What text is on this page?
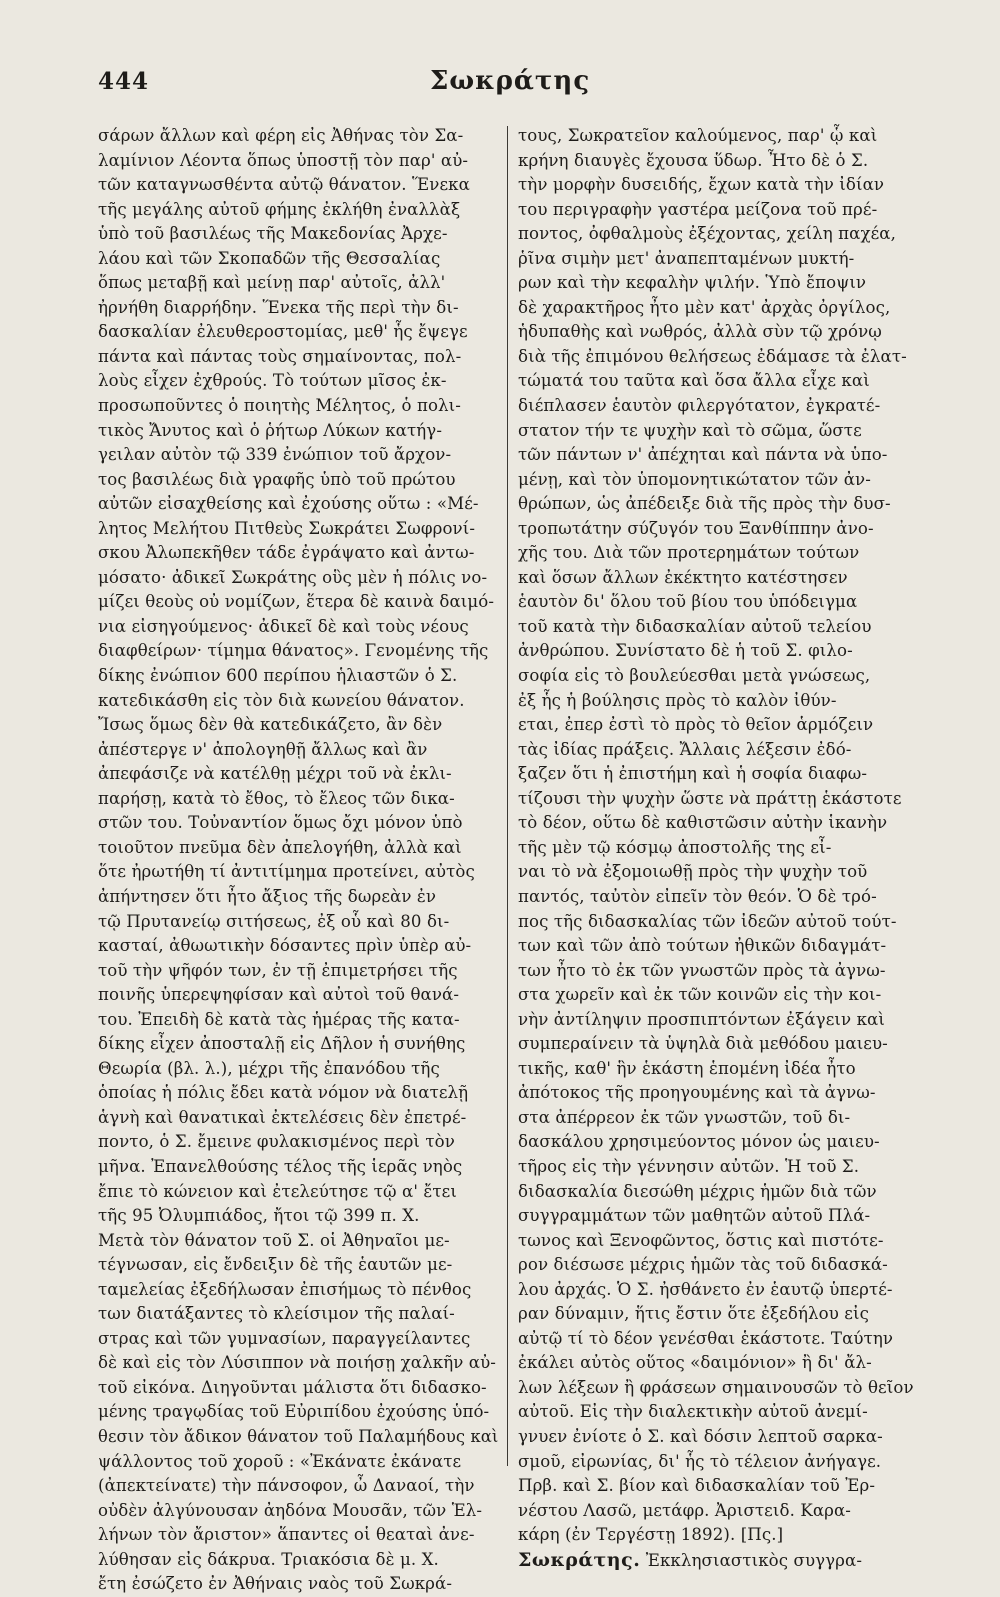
444	Σωκράτης
σάρων ἄλλων καὶ φέρη εἰς Ἀθήνας τὸν Σα-
λαμίνιον Λέοντα ὅπως ὑποστῇ τὸν παρ' αὐ-
τῶν καταγνωσθέντα αὐτῷ θάνατον. Ἕνεκα
τῆς μεγάλης αὐτοῦ φήμης ἐκλήθη ἐναλλὰξ
ὑπὸ τοῦ βασιλέως τῆς Μακεδονίας Ἀρχε-
λάου καὶ τῶν Σκοπαδῶν τῆς Θεσσαλίας
ὅπως μεταβῇ καὶ μείνῃ παρ' αὐτοῖς, ἀλλ'
ἠρνήθη διαρρήδην. Ἕνεκα τῆς περὶ τὴν δι-
δασκαλίαν ἐλευθεροστομίας, μεθ' ἧς ἔψεγε
πάντα καὶ πάντας τοὺς σημαίνοντας, πολ-
λοὺς εἶχεν ἐχθρούς. Τὸ τούτων μῖσος ἐκ-
προσωποῦντες ὁ ποιητὴς Μέλητος, ὁ πολι-
τικὸς Ἄνυτος καὶ ὁ ῥήτωρ Λύκων κατήγ-
γειλαν αὐτὸν τῷ 339 ἐνώπιον τοῦ ἄρχον-
τος βασιλέως διὰ γραφῆς ὑπὸ τοῦ πρώτου
αὐτῶν εἰσαχθείσης καὶ ἐχούσης οὕτω : «Μέ-
λητος Μελήτου Πιτθεὺς Σωκράτει Σωφρονί-
σκου Ἀλωπεκῆθεν τάδε ἐγράψατο καὶ ἀντω-
μόσατο· ἀδικεῖ Σωκράτης οὓς μὲν ἡ πόλις νο-
μίζει θεοὺς οὐ νομίζων, ἕτερα δὲ καινὰ δαιμό-
νια εἰσηγούμενος· ἀδικεῖ δὲ καὶ τοὺς νέους
διαφθείρων· τίμημα θάνατος». Γενομένης τῆς
δίκης ἐνώπιον 600 περίπου ἡλιαστῶν ὁ Σ.
κατεδικάσθη εἰς τὸν διὰ κωνείου θάνατον.
Ἴσως ὅμως δὲν θὰ κατεδικάζετο, ἂν δὲν
ἀπέστεργε ν' ἀπολογηθῇ ἄλλως καὶ ἂν
ἀπεφάσιζε νὰ κατέλθῃ μέχρι τοῦ νὰ ἐκλι-
παρήσῃ, κατὰ τὸ ἔθος, τὸ ἔλεος τῶν δικα-
στῶν του. Τοὐναντίον ὅμως ὄχι μόνον ὑπὸ
τοιοῦτον πνεῦμα δὲν ἀπελογήθη, ἀλλὰ καὶ
ὅτε ἠρωτήθη τί ἀντιτίμημα προτείνει, αὐτὸς
ἀπήντησεν ὅτι ἦτο ἄξιος τῆς δωρεὰν ἐν
τῷ Πρυτανείῳ σιτήσεως, ἐξ οὗ καὶ 80 δι-
κασταί, ἀθωωτικὴν δόσαντες πρὶν ὑπὲρ αὐ-
τοῦ τὴν ψῆφόν των, ἐν τῇ ἐπιμετρήσει τῆς
ποινῆς ὑπερεψηφίσαν καὶ αὐτοὶ τοῦ θανά-
του. Ἐπειδὴ δὲ κατὰ τὰς ἡμέρας τῆς κατα-
δίκης εἶχεν ἀποσταλῇ εἰς Δῆλον ἡ συνήθης
Θεωρία (βλ. λ.), μέχρι τῆς ἐπανόδου τῆς
ὁποίας ἡ πόλις ἔδει κατὰ νόμον νὰ διατελῇ
ἁγνὴ καὶ θανατικαὶ ἐκτελέσεις δὲν ἐπετρέ-
ποντο, ὁ Σ. ἔμεινε φυλακισμένος περὶ τὸν
μῆνα. Ἐπανελθούσης τέλος τῆς ἱερᾶς νηὸς
ἔπιε τὸ κώνειον καὶ ἐτελεύτησε τῷ α' ἔτει
τῆς 95 Ὀλυμπιάδος, ἤτοι τῷ 399 π. Χ.
Μετὰ τὸν θάνατον τοῦ Σ. οἱ Ἀθηναῖοι με-
τέγνωσαν, εἰς ἔνδειξιν δὲ τῆς ἑαυτῶν με-
ταμελείας ἐξεδήλωσαν ἐπισήμως τὸ πένθος
των διατάξαντες τὸ κλείσιμον τῆς παλαί-
στρας καὶ τῶν γυμνασίων, παραγγείλαντες
δὲ καὶ εἰς τὸν Λύσιππον νὰ ποιήσῃ χαλκῆν αὐ-
τοῦ εἰκόνα. Διηγοῦνται μάλιστα ὅτι διδασκο-
μένης τραγῳδίας τοῦ Εὐριπίδου ἐχούσης ὑπό-
θεσιν τὸν ἄδικον θάνατον τοῦ Παλαμήδους καὶ
ψάλλοντος τοῦ χοροῦ : «Ἐκάνατε ἐκάνατε
(ἀπεκτείνατε) τὴν πάνσοφον, ὦ Δαναοί, τὴν
οὐδὲν ἀλγύνουσαν ἀηδόνα Μουσᾶν, τῶν Ἑλ-
λήνων τὸν ἄριστον» ἅπαντες οἱ θεαταὶ ἀνε-
λύθησαν εἰς δάκρυα. Τριακόσια δὲ μ. Χ.
ἔτη ἐσώζετο ἐν Ἀθήναις ναὸς τοῦ Σωκρά-
τους, Σωκρατεῖον καλούμενος, παρ' ᾧ καὶ
κρήνη διαυγὲς ἔχουσα ὕδωρ. Ἦτο δὲ ὁ Σ.
τὴν μορφὴν δυσειδής, ἔχων κατὰ τὴν ἰδίαν
του περιγραφὴν γαστέρα μείζονα τοῦ πρέ-
ποντος, ὀφθαλμοὺς ἐξέχοντας, χείλη παχέα,
ῥῖνα σιμὴν μετ' ἀναπεπταμένων μυκτή-
ρων καὶ τὴν κεφαλὴν ψιλήν. Ὑπὸ ἔποψιν
δὲ χαρακτῆρος ἦτο μὲν κατ' ἀρχὰς ὀργίλος,
ἡδυπαθὴς καὶ νωθρός, ἀλλὰ σὺν τῷ χρόνῳ
διὰ τῆς ἐπιμόνου θελήσεως ἐδάμασε τὰ ἐλατ-
τώματά του ταῦτα καὶ ὅσα ἄλλα εἶχε καὶ
διέπλασεν ἑαυτὸν φιλεργότατον, ἐγκρατέ-
στατον τήν τε ψυχὴν καὶ τὸ σῶμα, ὥστε
τῶν πάντων ν' ἀπέχηται καὶ πάντα νὰ ὑπο-
μένῃ, καὶ τὸν ὑπομονητικώτατον τῶν ἀν-
θρώπων, ὡς ἀπέδειξε διὰ τῆς πρὸς τὴν δυσ-
τροπωτάτην σύζυγόν του Ξανθίππην ἀνο-
χῆς του. Διὰ τῶν προτερημάτων τούτων
καὶ ὅσων ἄλλων ἐκέκτητο κατέστησεν
ἑαυτὸν δι' ὅλου τοῦ βίου του ὑπόδειγμα
τοῦ κατὰ τὴν διδασκαλίαν αὐτοῦ τελείου
ἀνθρώπου. Συνίστατο δὲ ἡ τοῦ Σ. φιλο-
σοφία εἰς τὸ βουλεύεσθαι μετὰ γνώσεως,
ἐξ ἧς ἡ βούλησις πρὸς τὸ καλὸν ἰθύν-
εται, ἐπερ ἐστὶ τὸ πρὸς τὸ θεῖον ἁρμόζειν
τὰς ἰδίας πράξεις. Ἄλλαις λέξεσιν ἐδό-
ξαζεν ὅτι ἡ ἐπιστήμη καὶ ἡ σοφία διαφω-
τίζουσι τὴν ψυχὴν ὥστε νὰ πράττῃ ἑκάστοτε
τὸ δέον, οὕτω δὲ καθιστῶσιν αὐτὴν ἱκανὴν
τῆς μὲν τῷ κόσμῳ ἀποστολῆς της εἶ-
ναι τὸ νὰ ἐξομοιωθῇ πρὸς τὴν ψυχὴν τοῦ
παντός, ταὐτὸν εἰπεῖν τὸν θεόν. Ὁ δὲ τρό-
πος τῆς διδασκαλίας τῶν ἰδεῶν αὐτοῦ τούτ-
των καὶ τῶν ἀπὸ τούτων ἠθικῶν διδαγμάτ-
των ἦτο τὸ ἐκ τῶν γνωστῶν πρὸς τὰ ἀγνω-
στα χωρεῖν καὶ ἐκ τῶν κοινῶν εἰς τὴν κοι-
νὴν ἀντίληψιν προσπιπτόντων ἐξάγειν καὶ
συμπεραίνειν τὰ ὑψηλὰ διὰ μεθόδου μαιευ-
τικῆς, καθ' ἣν ἑκάστη ἑπομένη ἰδέα ἦτο
ἀπότοκος τῆς προηγουμένης καὶ τὰ ἀγνω-
στα ἀπέρρεον ἐκ τῶν γνωστῶν, τοῦ δι-
δασκάλου χρησιμεύοντος μόνον ὡς μαιευ-
τῆρος εἰς τὴν γέννησιν αὐτῶν. Ἡ τοῦ Σ.
διδασκαλία διεσώθη μέχρις ἡμῶν διὰ τῶν
συγγραμμάτων τῶν μαθητῶν αὐτοῦ Πλά-
τωνος καὶ Ξενοφῶντος, ὅστις καὶ πιστότε-
ρον διέσωσε μέχρις ἡμῶν τὰς τοῦ διδασκά-
λου ἀρχάς. Ὁ Σ. ἠσθάνετο ἐν ἑαυτῷ ὑπερτέ-
ραν δύναμιν, ἥτις ἔστιν ὅτε ἐξεδήλου εἰς
αὐτῷ τί τὸ δέον γενέσθαι ἑκάστοτε. Ταύτην
ἐκάλει αὐτὸς οὕτος «δαιμόνιον» ἢ δι' ἄλ-
λων λέξεων ἢ φράσεων σημαινουσῶν τὸ θεῖον
αὐτοῦ. Εἰς τὴν διαλεκτικὴν αὐτοῦ ἀνεμί-
γνυεν ἐνίοτε ὁ Σ. καὶ δόσιν λεπτοῦ σαρκα-
σμοῦ, εἰρωνίας, δι' ἧς τὸ τέλειον ἀνήγαγε.
Πρβ. καὶ Σ. βίον καὶ διδασκαλίαν τοῦ Ἐρ-
νέστου Λασῶ, μετάφρ. Ἀριστειδ. Καρα-
κάρη (ἐν Τεργέστῃ 1892). [Πς.]
Σωκράτης. Ἐκκλησιαστικὸς συγγρα-
